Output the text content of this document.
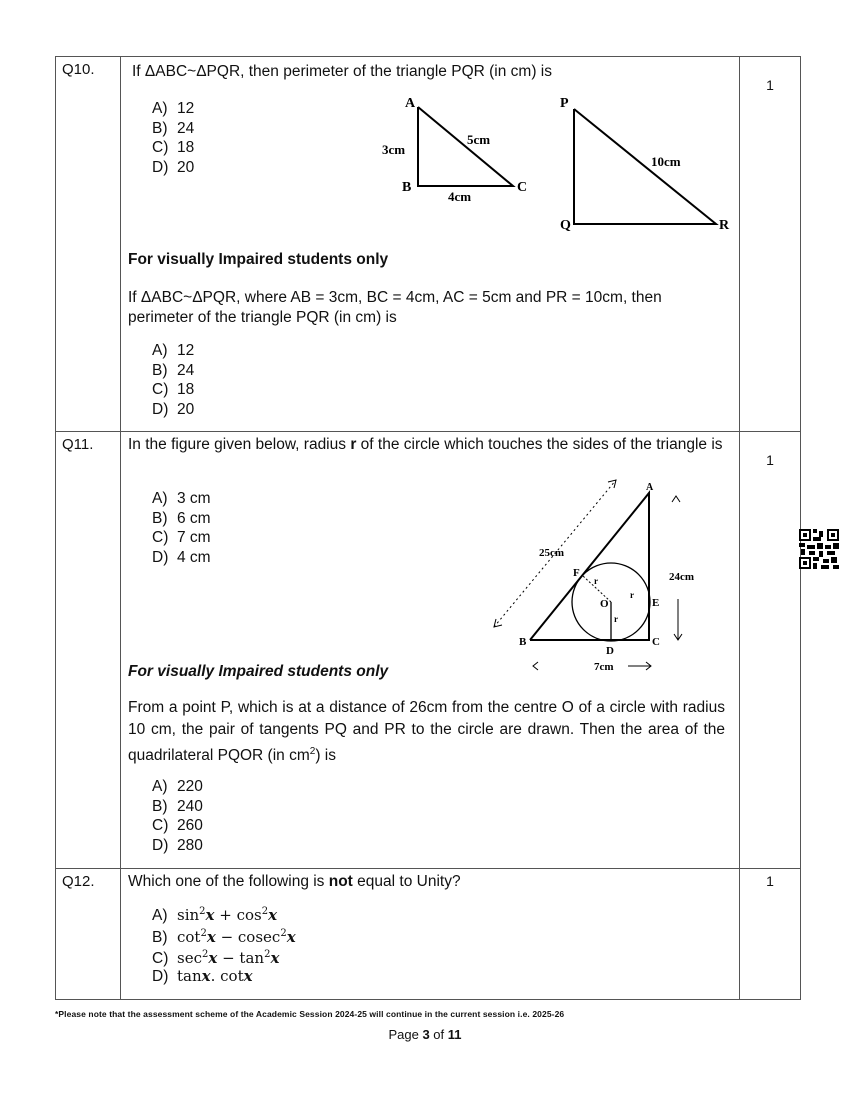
Q10.	If ΔABC~ΔPQR, then perimeter of the triangle PQR (in cm) is
A) 12
B) 24
C) 18
D) 20
A
B	C
3cm
4cm
5cm
P
Q	R
10cm
For visually Impaired students only
If ΔABC~ΔPQR, where AB = 3cm, BC = 4cm, AC = 5cm and PR = 10cm, then perimeter of the triangle PQR (in cm) is
A) 12
B) 24
C) 18
D) 20

1

Q11.	In the figure given below, radius r of the circle which touches the sides of the triangle is
A) 3 cm
B) 6 cm
C) 7 cm
D) 4 cm
A
B	C
D
E
F
O
r
r
r
25cm
24cm
7cm
For visually Impaired students only
From a point P, which is at a distance of 26cm from the centre O of a circle with radius 10 cm, the pair of tangents PQ and PR to the circle are drawn. Then the area of the quadrilateral PQOR (in $cm^2$) is
A) 220
B) 240
C) 260
D) 280

1

Q12.	Which one of the following is not equal to Unity?
A) $\sin^2x + \cos^2x$
B) $\cot^2x - cosec^2x$
C) $\sec^2x - \tan^2x$
D) tanx. cotx

1
*Please note that the assessment scheme of the Academic Session 2024-25 will continue in the current session i.e. 2025-26
Page 3 of 11
